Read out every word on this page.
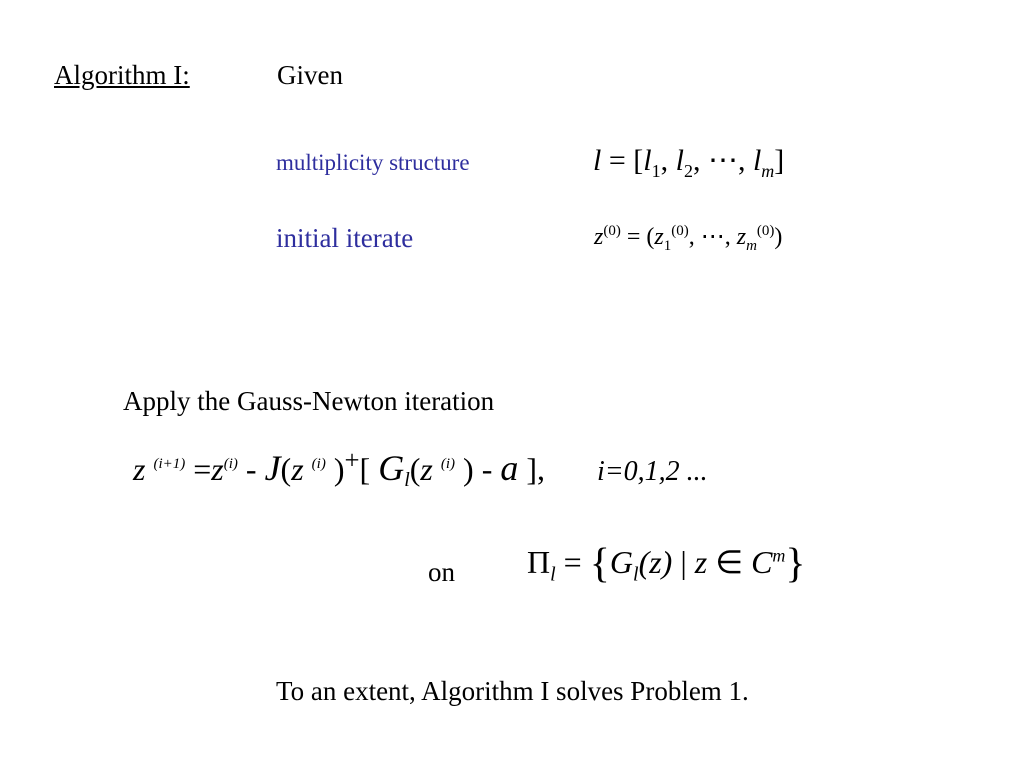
Algorithm I:	Given
multiplicity structure	$l = [l_1$, $l_2$, ⋯, $l_m$]
initial iterate	$z^{(0)} = (z_1^{(0)}$, ⋯, $z_m^{(0)}$)
Apply the Gauss-Newton iteration
z $^{(i+1)} =z^{(i)} - J(z$ $^{(i)}$ )+[ Gl(z $^{(i)}$ ) - a ], i=0,1,2 ...
on $\Pi_l = \{G_l(z)$ | z ∈ $C^m$}
To an extent, Algorithm I solves Problem 1.
